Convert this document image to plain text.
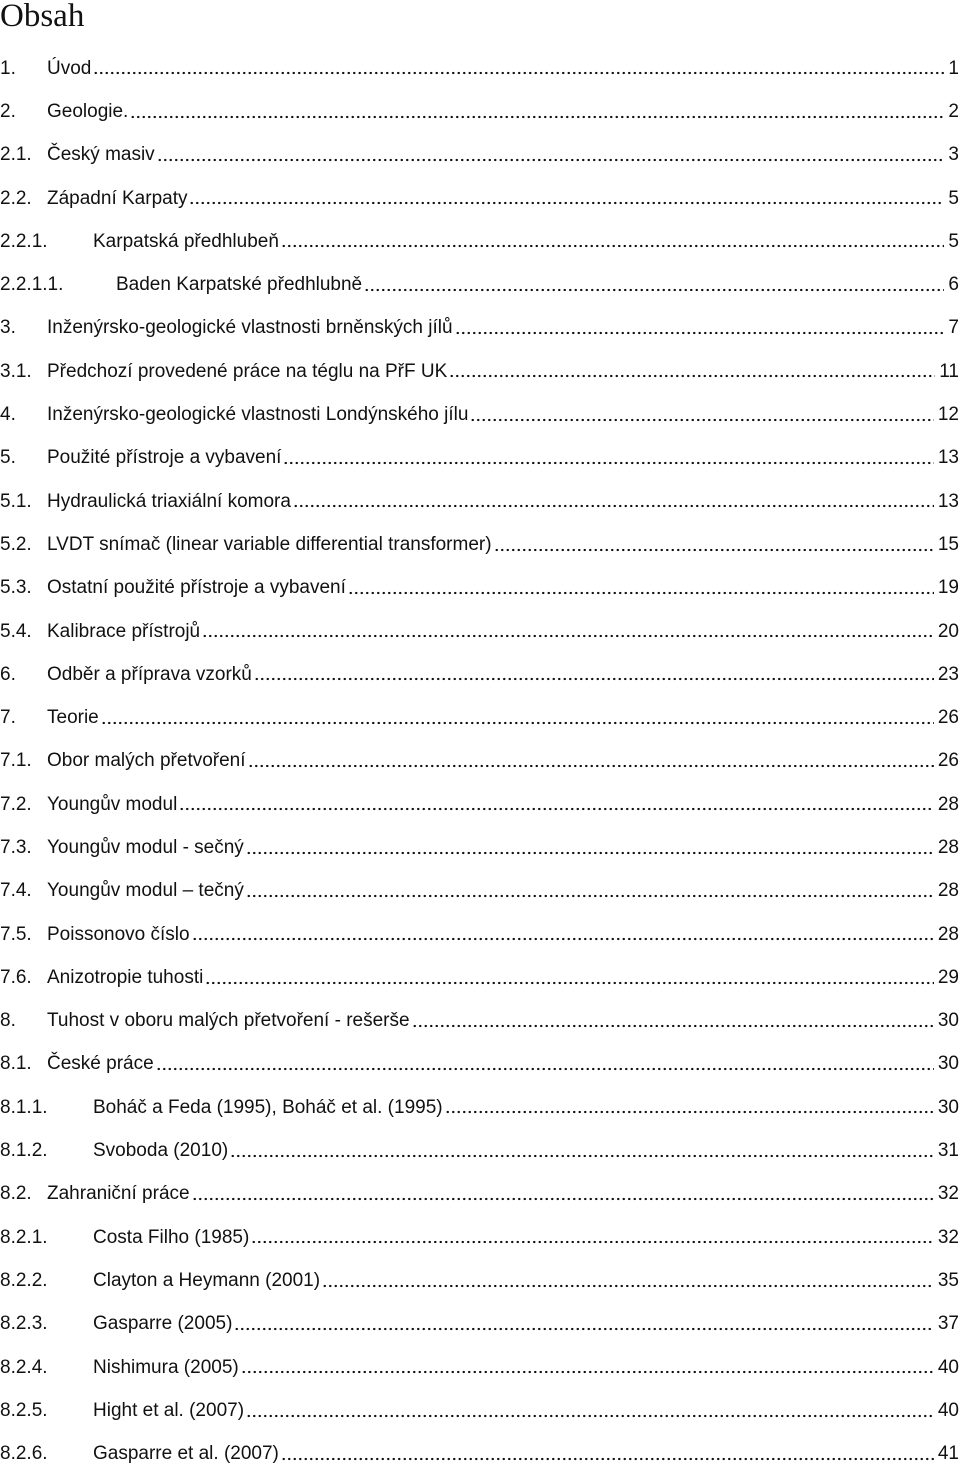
Obsah
1.	Úvod	1
2.	Geologie.	2
2.1. Český masiv	3
2.2. Západní Karpaty	5
2.2.1.	Karpatská předhlubeň	5
2.2.1.1.	Baden Karpatské předhlubně	6
3.	Inženýrsko-geologické vlastnosti brněnských jílů	7
3.1. Předchozí provedené práce na téglu na PřF UK	11
4.	Inženýrsko-geologické vlastnosti Londýnského jílu	12
5.	Použité přístroje a vybavení	13
5.1. Hydraulická triaxiální komora	13
5.2. LVDT snímač (linear variable differential transformer)	15
5.3. Ostatní použité přístroje a vybavení	19
5.4. Kalibrace přístrojů	20
6.	Odběr a příprava vzorků	23
7.	Teorie	26
7.1. Obor malých přetvoření	26
7.2. Youngův modul	28
7.3. Youngův modul - sečný	28
7.4. Youngův modul – tečný	28
7.5. Poissonovo číslo	28
7.6. Anizotropie tuhosti	29
8.	Tuhost v oboru malých přetvoření - rešerše	30
8.1. České práce	30
8.1.1.	Boháč a Feda (1995), Boháč et al. (1995)	30
8.1.2.	Svoboda (2010)	31
8.2. Zahraniční práce	32
8.2.1.	Costa Filho (1985)	32
8.2.2.	Clayton a Heymann (2001)	35
8.2.3.	Gasparre (2005)	37
8.2.4.	Nishimura (2005)	40
8.2.5.	Hight et al. (2007)	40
8.2.6.	Gasparre et al. (2007)	41
